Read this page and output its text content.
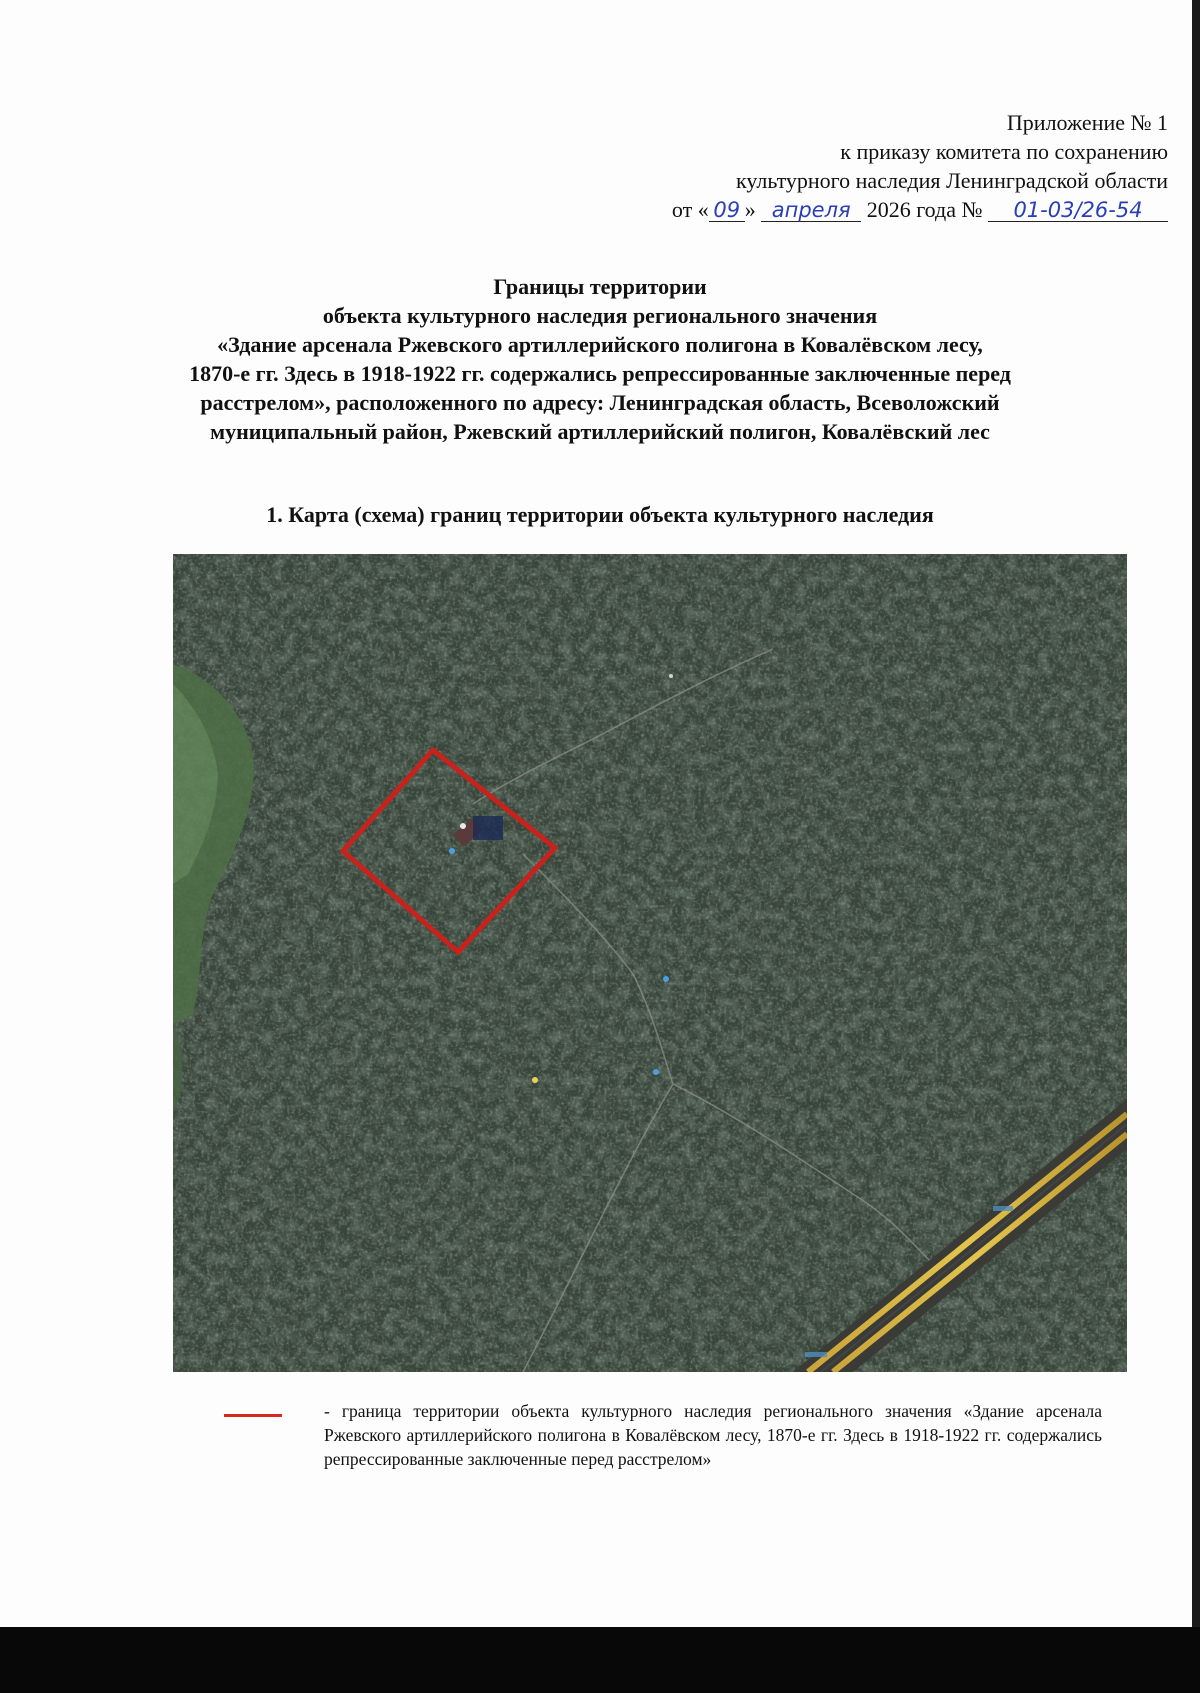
Приложение № 1
к приказу комитета по сохранению
культурного наследия Ленинградской области
от « 09 » апреля 2026 года № 01-03/26-54
Границы территории
объекта культурного наследия регионального значения
«Здание арсенала Ржевского артиллерийского полигона в Ковалёвском лесу,
1870-е гг. Здесь в 1918-1922 гг. содержались репрессированные заключенные перед
расстрелом», расположенного по адресу: Ленинградская область, Всеволожский
муниципальный район, Ржевский артиллерийский полигон, Ковалёвский лес
1. Карта (схема) границ территории объекта культурного наследия
- граница территории объекта культурного наследия регионального значения «Здание арсенала Ржевского артиллерийского полигона в Ковалёвском лесу, 1870-е гг. Здесь в 1918-1922 гг. содержались репрессированные заключенные перед расстрелом»
